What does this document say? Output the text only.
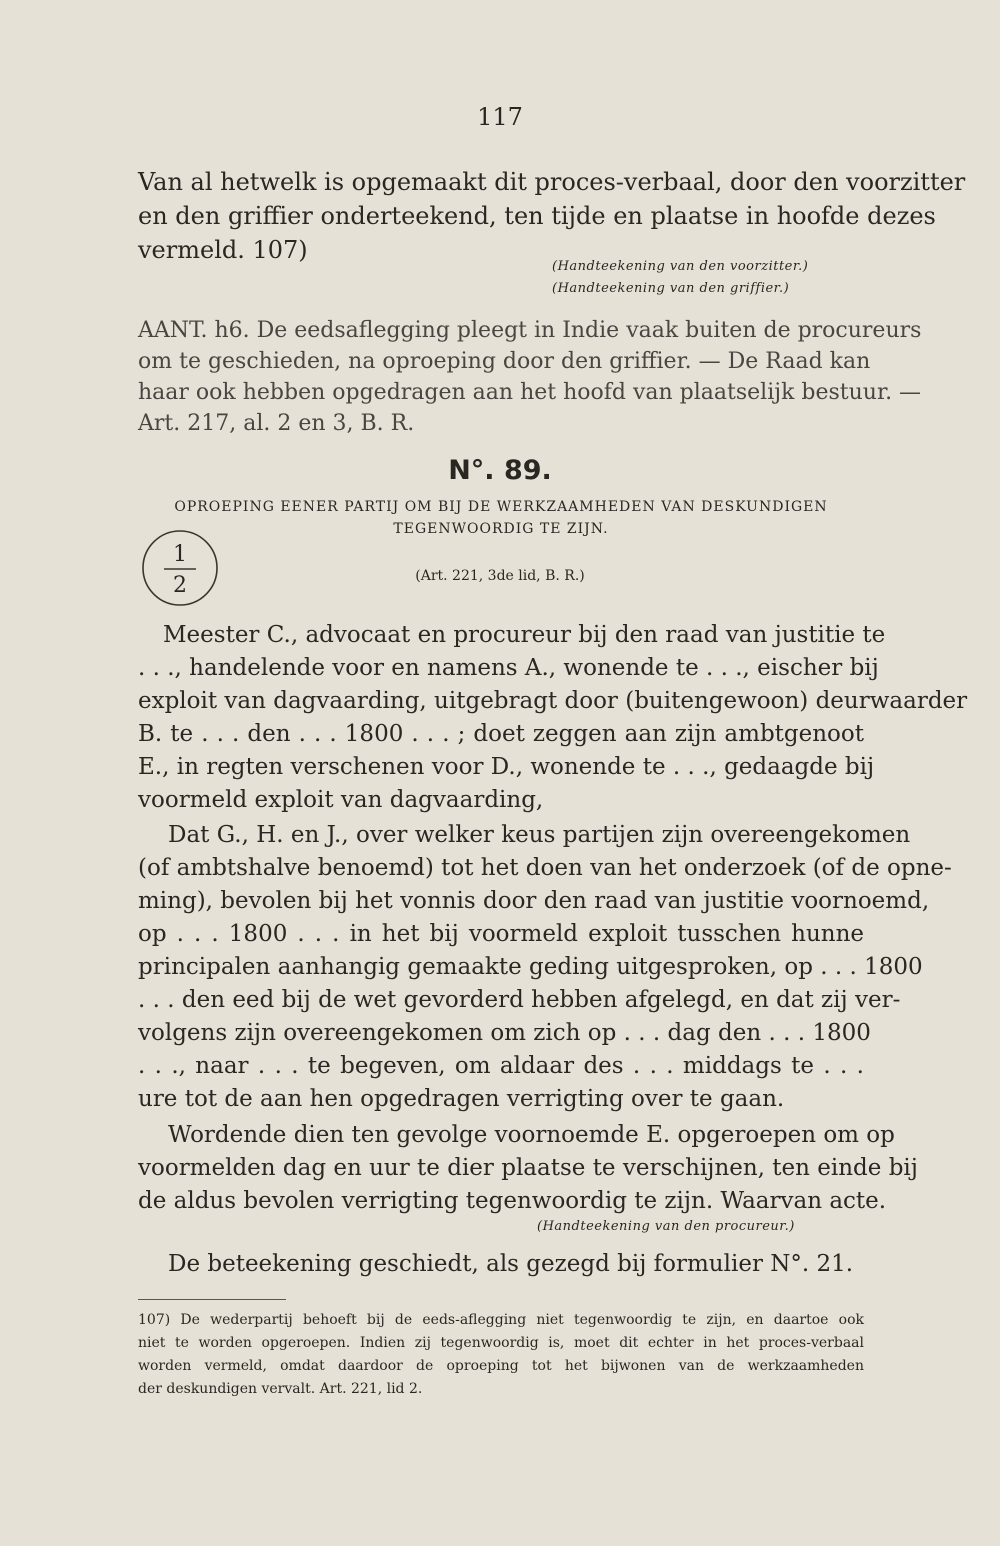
117
Van al hetwelk is opgemaakt dit proces-verbaal, door den voorzitter
en den griffier onderteekend, ten tijde en plaatse in hoofde dezes
vermeld. 107)
(Handteekening van den voorzitter.)
(Handteekening van den griffier.)
AANT. h6. De eedsaflegging pleegt in Indie vaak buiten de procureurs
om te geschieden, na oproeping door den griffier. — De Raad kan
haar ook hebben opgedragen aan het hoofd van plaatselijk bestuur. —
Art. 217, al. 2 en 3, B. R.
N°. 89.
OPROEPING EENER PARTIJ OM BIJ DE WERKZAAMHEDEN VAN DESKUNDIGEN
TEGENWOORDIG TE ZIJN.
1
2	(Art. 221, 3de lid, B. R.)
Meester C., advocaat en procureur bij den raad van justitie te
. . ., handelende voor en namens A., wonende te . . ., eischer bij
exploit van dagvaarding, uitgebragt door (buitengewoon) deurwaarder
B. te . . . den . . . 1800 . . . ; doet zeggen aan zijn ambtgenoot
E., in regten verschenen voor D., wonende te . . ., gedaagde bij
voormeld exploit van dagvaarding,
Dat G., H. en J., over welker keus partijen zijn overeengekomen
(of ambtshalve benoemd) tot het doen van het onderzoek (of de opne-
ming), bevolen bij het vonnis door den raad van justitie voornoemd,
op . . . 1800 . . . in het bij voormeld exploit tusschen hunne
principalen aanhangig gemaakte geding uitgesproken, op . . . 1800
. . . den eed bij de wet gevorderd hebben afgelegd, en dat zij ver-
volgens zijn overeengekomen om zich op . . . dag den . . . 1800
. . ., naar . . . te begeven, om aldaar des . . . middags te . . .
ure tot de aan hen opgedragen verrigting over te gaan.
Wordende dien ten gevolge voornoemde E. opgeroepen om op
voormelden dag en uur te dier plaatse te verschijnen, ten einde bij
de aldus bevolen verrigting tegenwoordig te zijn. Waarvan acte.
(Handteekening van den procureur.)
De beteekening geschiedt, als gezegd bij formulier N°. 21.
107) De wederpartij behoeft bij de eeds-aflegging niet tegenwoordig te zijn, en daartoe ook
niet te worden opgeroepen. Indien zij tegenwoordig is, moet dit echter in het proces-verbaal
worden vermeld, omdat daardoor de oproeping tot het bijwonen van de werkzaamheden
der deskundigen vervalt. Art. 221, lid 2.
